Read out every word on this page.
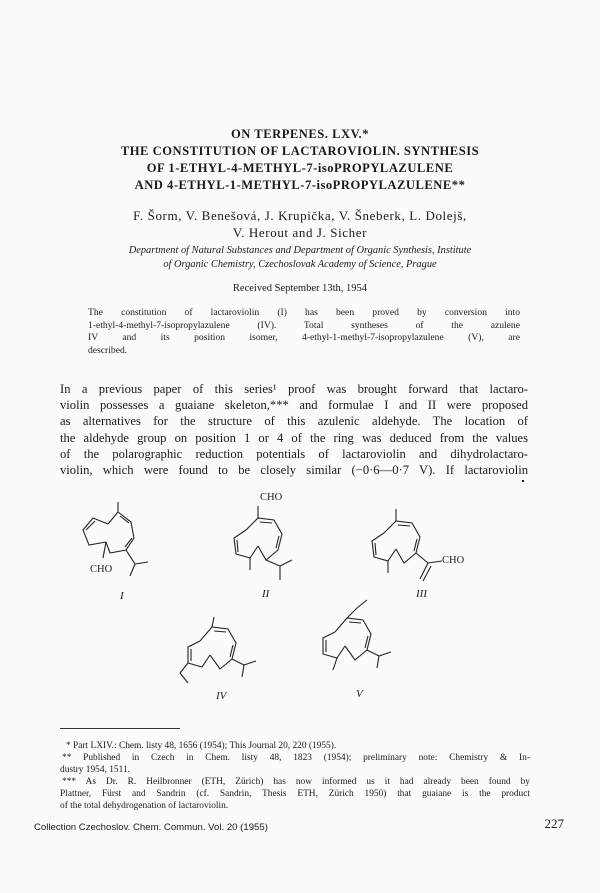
ON TERPENES. LXV.*
THE CONSTITUTION OF LACTAROVIOLIN. SYNTHESIS
OF 1-ETHYL-4-METHYL-7-isoPROPYLAZULENE
AND 4-ETHYL-1-METHYL-7-isoPROPYLAZULENE**
F. Šorm, V. Benešová, J. Krupička, V. Šneberk, L. Dolejš,
V. Herout and J. Sicher
Department of Natural Substances and Department of Organic Synthesis, Institute
of Organic Chemistry, Czechoslovak Academy of Science, Prague
Received September 13th, 1954
The constitution of lactaroviolin (I) has been proved by conversion into
1-ethyl-4-methyl-7-isopropylazulene (IV). Total syntheses of the azulene
IV and its position isomer, 4-ethyl-1-methyl-7-isopropylazulene (V), are
described.
In a previous paper of this series¹ proof was brought forward that lactaro-
violin possesses a guaiane skeleton,*** and formulae I and II were proposed
as alternatives for the structure of this azulenic aldehyde. The location of
the aldehyde group on position 1 or 4 of the ring was deduced from the values
of the polarographic reduction potentials of lactaroviolin and dihydrolactaro-
violin, which were found to be closely similar (−0·6—0·7 V). If lactaroviolin
CHO
I
CHO
II
CHO
III
IV	V
* Part LXIV.: Chem. listy 48, 1656 (1954); This Journal 20, 220 (1955).
** Published in Czech in Chem. listy 48, 1823 (1954); preliminary note: Chemistry & In-
dustry 1954, 1511.
*** As Dr. R. Heilbronner (ETH, Zürich) has now informed us it had already been found by
Plattner, Fürst and Sandrin (cf. Sandrin, Thesis ETH, Zürich 1950) that guaiane is the product
of the total dehydrogenation of lactaroviolin.
Collection Czechoslov. Chem. Commun. Vol. 20 (1955)	227
